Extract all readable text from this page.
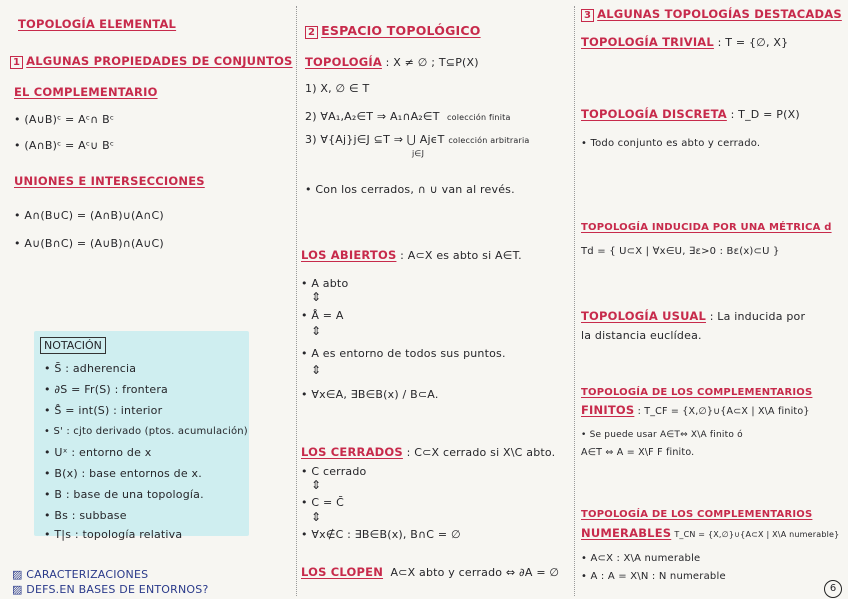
TOPOLOGÍA ELEMENTAL
1 ALGUNAS PROPIEDADES DE CONJUNTOS
EL COMPLEMENTARIO
• (A∪B)ᶜ = Aᶜ∩ Bᶜ
• (A∩B)ᶜ = Aᶜ∪ Bᶜ
UNIONES E INTERSECCIONES
• A∩(B∪C) = (A∩B)∪(A∩C)
• A∪(B∩C) = (A∪B)∩(A∪C)
NOTACIÓN
• S̄ : adherencia
• ∂S = Fr(S) : frontera
• S̊ = int(S) : interior
• S' : cjto derivado (ptos. acumulación)
• Uˣ : entorno de x
• B(x) : base entornos de x.
• B : base de una topología.
• Bs : subbase
• T|s : topología relativa
▨ CARACTERIZACIONES
▨ DEFS.EN BASES DE ENTORNOS?
2 ESPACIO TOPOLÓGICO
TOPOLOGÍA : X ≠ ∅ ; T⊆P(X)
1) X, ∅ ∈ T
2) ∀A₁,A₂∈T ⇒ A₁∩A₂∈T colección finita
3) ∀{Aj}j∈J ⊆T ⇒ ⋃ AjϵT colección arbitraria
j∈J
• Con los cerrados, ∩ ∪ van al revés.
LOS ABIERTOS : A⊂X es abto si A∈T.
• A abto
⇕
• Å = A
⇕
• A es entorno de todos sus puntos.
⇕
• ∀x∈A, ∃B∈B(x) / B⊂A.
LOS CERRADOS : C⊂X cerrado si X\C abto.
• C cerrado
⇕
• C = C̄
⇕
• ∀x∉C : ∃B∈B(x), B∩C = ∅
LOS CLOPEN A⊂X abto y cerrado ⇔ ∂A = ∅
3 ALGUNAS TOPOLOGÍAS DESTACADAS
TOPOLOGÍA TRIVIAL : T = {∅, X}
TOPOLOGÍA DISCRETA : T_D = P(X)
• Todo conjunto es abto y cerrado.
TOPOLOGÍA INDUCIDA POR UNA MÉTRICA d
Td = { U⊂X | ∀x∈U, ∃ε>0 : Bε(x)⊂U }
TOPOLOGÍA USUAL : La inducida por
la distancia euclídea.
TOPOLOGÍA DE LOS COMPLEMENTARIOS
FINITOS : T_CF = {X,∅}∪{A⊂X | X\A finito}
• Se puede usar A∈T⇔ X\A finito ó
A∈T ⇔ A = X\F F finito.
TOPOLOGÍA DE LOS COMPLEMENTARIOS
NUMERABLES T_CN = {X,∅}∪{A⊂X | X\A numerable}
• A⊂X : X\A numerable
• A : A = X\N : N numerable
6
